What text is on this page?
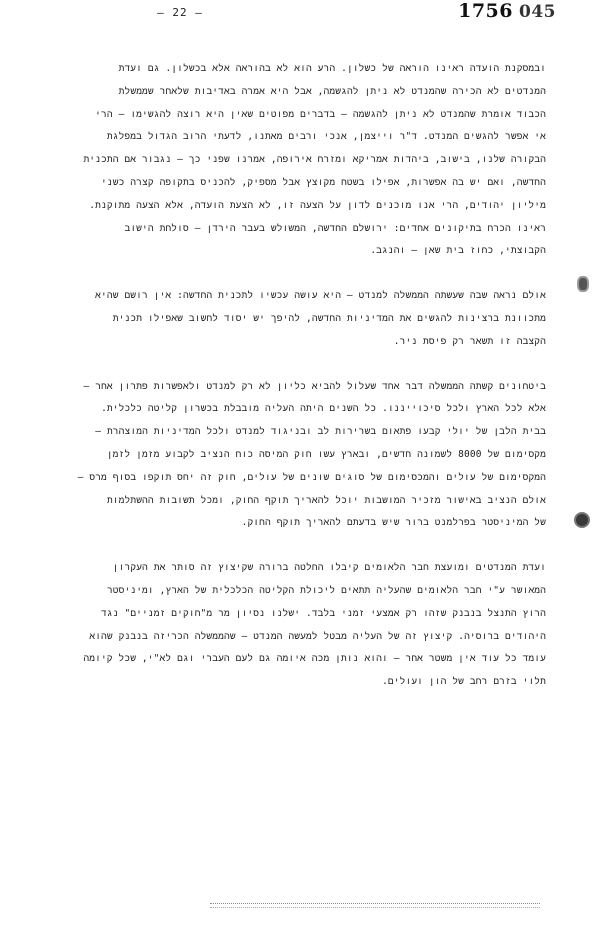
– 22 –	1756 045
ובמסקנת הועדה ראינו הוראה של כשלון. הרע הוא לא בהוראה אלא בכשלון. גם ועדת
המנדטים לא הכירה שהמנדט לא ניתן להגשמה, אבל היא אמרה באדיבות שלאחר שממשלת
הכבוד אומרת שהמנדט לא ניתן להגשמה – בדברים מפוטים שאין היא רוצה להגשימו – הרי
אי אפשר להגשים המנדט. ד"ר וייצמן, אנכי ורבים מאתנו, לדעתי הרוב הגדול במפלגת
הבקורה שלנו, בישוב, ביהדות אמריקא ומזרח אירופה, אמרנו שפני כך – נגבור אם התכנית
החדשה, ואם יש בה אפשרות, אפילו בשטח מקוצץ אבל מספיק, להכניס בתקופה קצרה כשני
מיליון יהודים, הרי אנו מוכנים לדון על הצעה זו, לא הצעת הועדה, אלא הצעה מתוקנת.
ראינו הכרח בתיקונים אחדים: ירושלם החדשה, המשולש בעבר הירדן – סולחת הישוב
הקבוצתי, כחוז בית שאן – והנגב.
אולם נראה שבה שעשתה הממשלה למנדט – היא עושה עכשיו לתכנית החדשה: אין רושם שהיא
מתכוונת ברצינות להגשים את המדיניות החדשה, להיפך יש יסוד לחשוב שאפילו תכנית
הקצבה זו תשאר רק פיסת ניר.
ביטחונים קשתה הממשלה דבר אחד שעלול להביא כליון לא רק למנדט ולאפשרות פתרון אחר –
אלא לכל הארץ ולכל סיכוייננו. כל השנים היתה העליה מובבלת בכשרון קליטה כלכלית.
בבית הלבן של יולי קבעו פתאום בשרירות לב ובניגוד למנדט ולכל המדיניות המוצהרת –
מקסימום של 8000 לשמונה חדשים, ובארץ עשו חוק המיסה כוח הנציב לקבוע מזמן לזמן
המקסימום של עולים והמכסימום של סוגים שונים של עולים, חוק זה יחס תוקפו בסוף מרס –
אולם הנציב באישור מזכיר המושבות יוכל להאריך תוקף החוק, ומכל תשובות ההשתלמות
של המיניסטר בפרלמנט ברור שיש בדעתם להאריך תוקף החוק.
ועדת המנדטים ומועצת חבר הלאומים קיבלו החלטה ברורה שקיצוץ זה סותר את העקרון
המאושר ע"י חבר הלאומים שהעליה תתאים ליכולת הקליטה הכלכלית של הארץ, ומיניסטר
הרוץ התנצל בנבנק שזהו רק אמצעי זמני בלבד. ישלנו נסיון מר מ"חוקים זמניים" נגד
היהודים ברוסיה. קיצוץ זה של העליה מבטל למעשה המנדט – שהממשלה הכריזה בנבנק שהוא
עומד כל עוד אין משטר אחר – והוא נותן מכה איומה גם לעם העברי וגם לא"י, שכל קיומה
תלוי בזרם רחב של הון ועולים.
